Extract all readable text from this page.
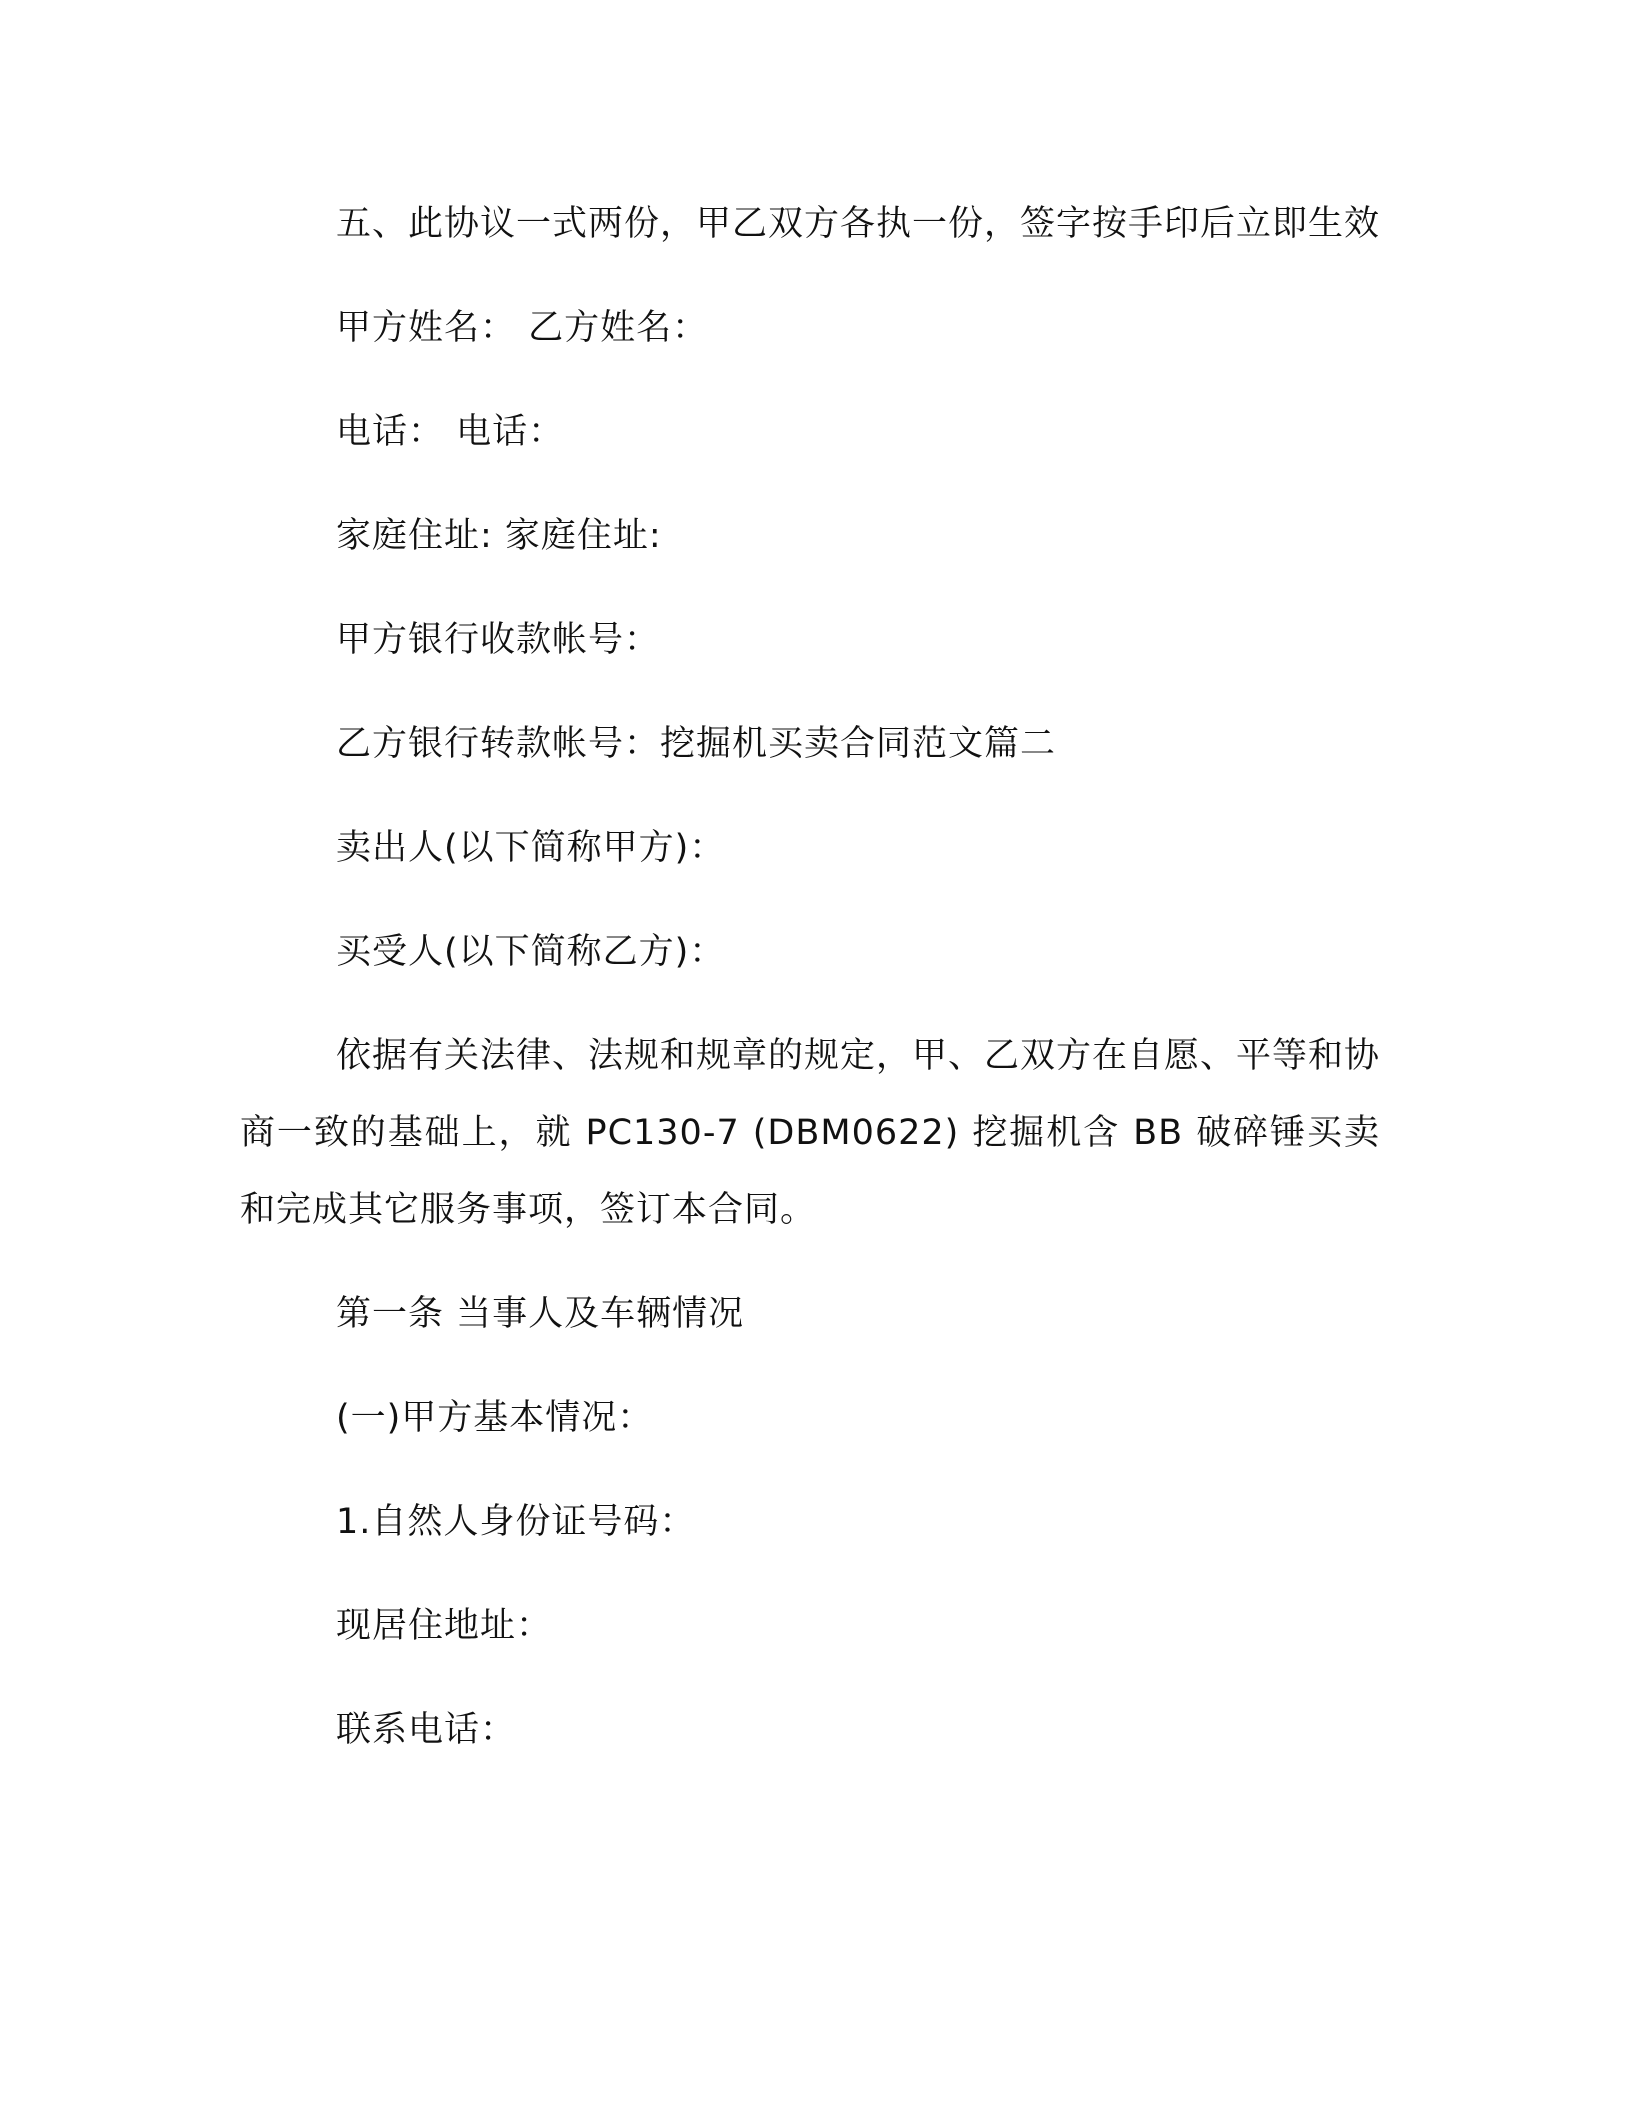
五、此协议一式两份，甲乙双方各执一份，签字按手印后立即生效

甲方姓名： 乙方姓名：

电话： 电话：

家庭住址: 家庭住址:

甲方银行收款帐号：

乙方银行转款帐号：挖掘机买卖合同范文篇二

卖出人(以下简称甲方)：

买受人(以下简称乙方)：

依据有关法律、法规和规章的规定，甲、乙双方在自愿、平等和协商一致的基础上，就 PC130-7 (DBM0622) 挖掘机含 BB 破碎锤买卖和完成其它服务事项，签订本合同。

第一条 当事人及车辆情况

(一)甲方基本情况：

1.自然人身份证号码：

现居住地址：

联系电话：
